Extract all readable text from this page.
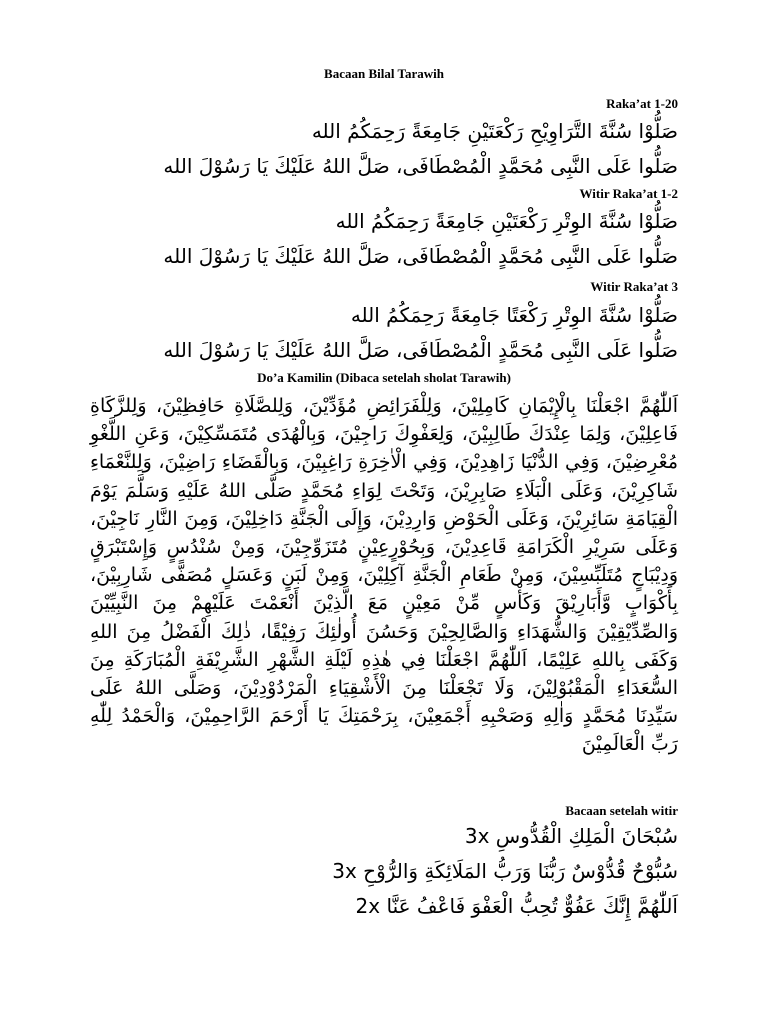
Bacaan Bilal Tarawih
Raka’at 1-20
صَلُّوْا سُنَّةَ التَّرَاوِيْحِ رَكْعَتَيْنِ جَامِعَةً رَحِمَكُمُ الله
صَلُّوا عَلَى النَّبِى مُحَمَّدٍ الْمُصْطَافَى، صَلَّ اللهُ عَلَيْكَ يَا رَسُوْلَ الله
Witir Raka’at 1-2
صَلُّوْا سُنَّةَ الوِتْرِ رَكْعَتَيْنِ جَامِعَةً رَحِمَكُمُ الله
صَلُّوا عَلَى النَّبِى مُحَمَّدٍ الْمُصْطَافَى، صَلَّ اللهُ عَلَيْكَ يَا رَسُوْلَ الله
Witir Raka’at 3
صَلُّوْا سُنَّةَ الوِتْرِ رَكْعَتًا جَامِعَةً رَحِمَكُمُ الله
صَلُّوا عَلَى النَّبِى مُحَمَّدٍ الْمُصْطَافَى، صَلَّ اللهُ عَلَيْكَ يَا رَسُوْلَ الله
Do’a Kamilin (Dibaca setelah sholat Tarawih)
اَللّٰهُمَّ اجْعَلْنَا بِالْإِيْمَانِ كَامِلِيْنَ، وَلِلْفَرَائِضِ مُؤَدِّيْنَ، وَلِلصَّلَاةِ حَافِظِيْنَ، وَلِلزَّكَاةِ فَاعِلِيْنَ، وَلِمَا عِنْدَكَ طَالِبِيْنَ، وَلِعَفْوِكَ رَاجِيْنَ، وَبِالْهُدَى مُتَمَسِّكِيْنَ، وَعَنِ اللَّغْوِ مُعْرِضِيْنَ، وَفِي الدُّنْيَا زَاهِدِيْنَ، وَفِي الْاٰخِرَةِ رَاغِبِيْنَ، وَبِالْقَضَاءِ رَاضِيْنَ، وَلِلنَّعْمَاءِ شَاكِرِيْنَ، وَعَلَى الْبَلَاءِ صَابِرِيْنَ، وَتَحْتَ لِوَاءِ مُحَمَّدٍ صَلَّى اللهُ عَلَيْهِ وَسَلَّمَ يَوْمَ الْقِيَامَةِ سَائِرِيْنَ، وَعَلَى الْحَوْضِ وَارِدِيْنَ، وَإِلَى الْجَنَّةِ دَاخِلِيْنَ، وَمِنَ النَّارِ نَاجِيْنَ، وَعَلَى سَرِيْرِ الْكَرَامَةِ قَاعِدِيْنَ، وَبِحُوْرٍعِيْنٍ مُتَزَوِّجِيْنَ، وَمِنْ سُنْدُسٍ وَإِسْتَبْرَقٍ وَدِيْبَاجٍ مُتَلَبِّسِيْنَ، وَمِنْ طَعَامِ الْجَنَّةِ آكِلِيْنَ، وَمِنْ لَبَنٍ وَعَسَلٍ مُصَفًّى شَارِبِيْنَ، بِأَكْوَابٍ وَّأَبَارِيْقَ وَكَأْسٍ مِّنْ مَعِيْنٍ مَعَ الَّذِيْنَ أَنْعَمْتَ عَلَيْهِمْ مِنَ النَّبِيِّيْنَ وَالصِّدِّيْقِيْنَ وَالشُّهَدَاءِ وَالصَّالِحِيْنَ وَحَسُنَ أُولٰئِكَ رَفِيْقًا، ذٰلِكَ الْفَضْلُ مِنَ اللهِ وَكَفَى بِاللهِ عَلِيْمًا، اَللّٰهُمَّ اجْعَلْنَا فِي هٰذِهِ لَيْلَةِ الشَّهْرِ الشَّرِيْفَةِ الْمُبَارَكَةِ مِنَ السُّعَدَاءِ الْمَقْبُوْلِيْنَ، وَلَا تَجْعَلْنَا مِنَ الْأَشْقِيَاءِ الْمَرْدُوْدِيْنَ، وَصَلَّى اللهُ عَلَى سَيِّدِنَا مُحَمَّدٍ وَاٰلِهِ وَصَحْبِهِ أَجْمَعِيْنَ، بِرَحْمَتِكَ يَا أَرْحَمَ الرَّاحِمِيْنَ، وَالْحَمْدُ لِلّٰهِ رَبِّ الْعَالَمِيْنَ
Bacaan setelah witir
سُبْحَانَ الْمَلِكِ الْقُدُّوسِ 3x
سُبُّوْحٌ قُدُّوْسٌ رَبُّنَا وَرَبُّ المَلَائِكَةِ وَالرُّوْحِ 3x
اَللّٰهُمَّ إِنَّكَ عَفُوٌّ تُحِبُّ الْعَفْوَ فَاعْفُ عَنَّا 2x
